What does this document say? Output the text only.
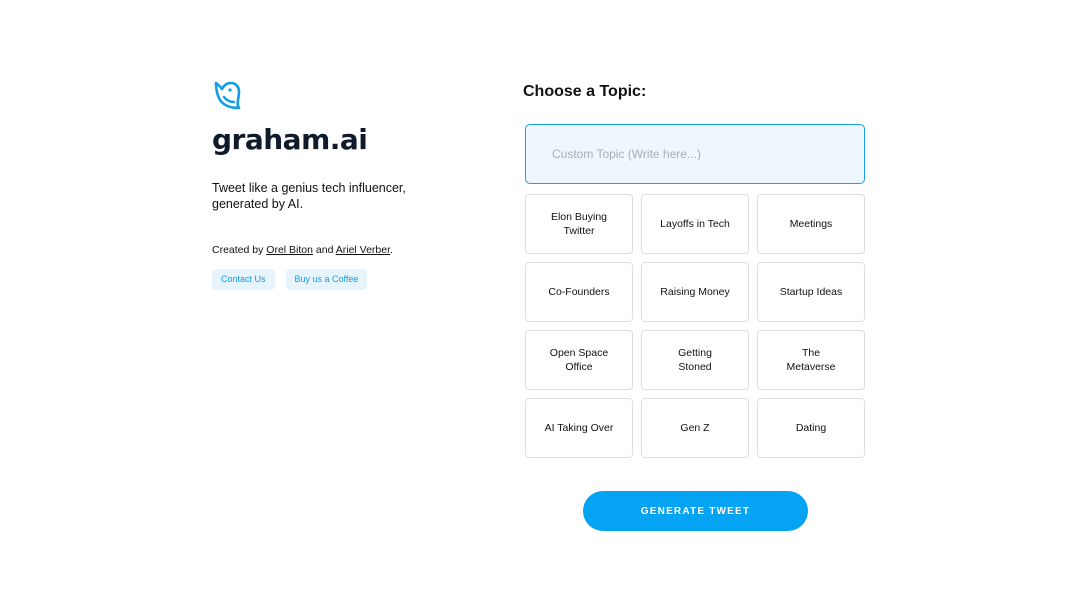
graham.ai
Tweet like a genius tech influencer, generated by AI.
Created by Orel Biton and Ariel Verber.
Contact Us	Buy us a Coffee
Choose a Topic:
Custom Topic (Write here...)
Elon Buying Twitter
Layoffs in Tech	Meetings
Co-Founders	Raising Money	Startup Ideas
Open Space Office
Getting Stoned
The Metaverse
AI Taking Over	Gen Z	Dating
GENERATE TWEET
